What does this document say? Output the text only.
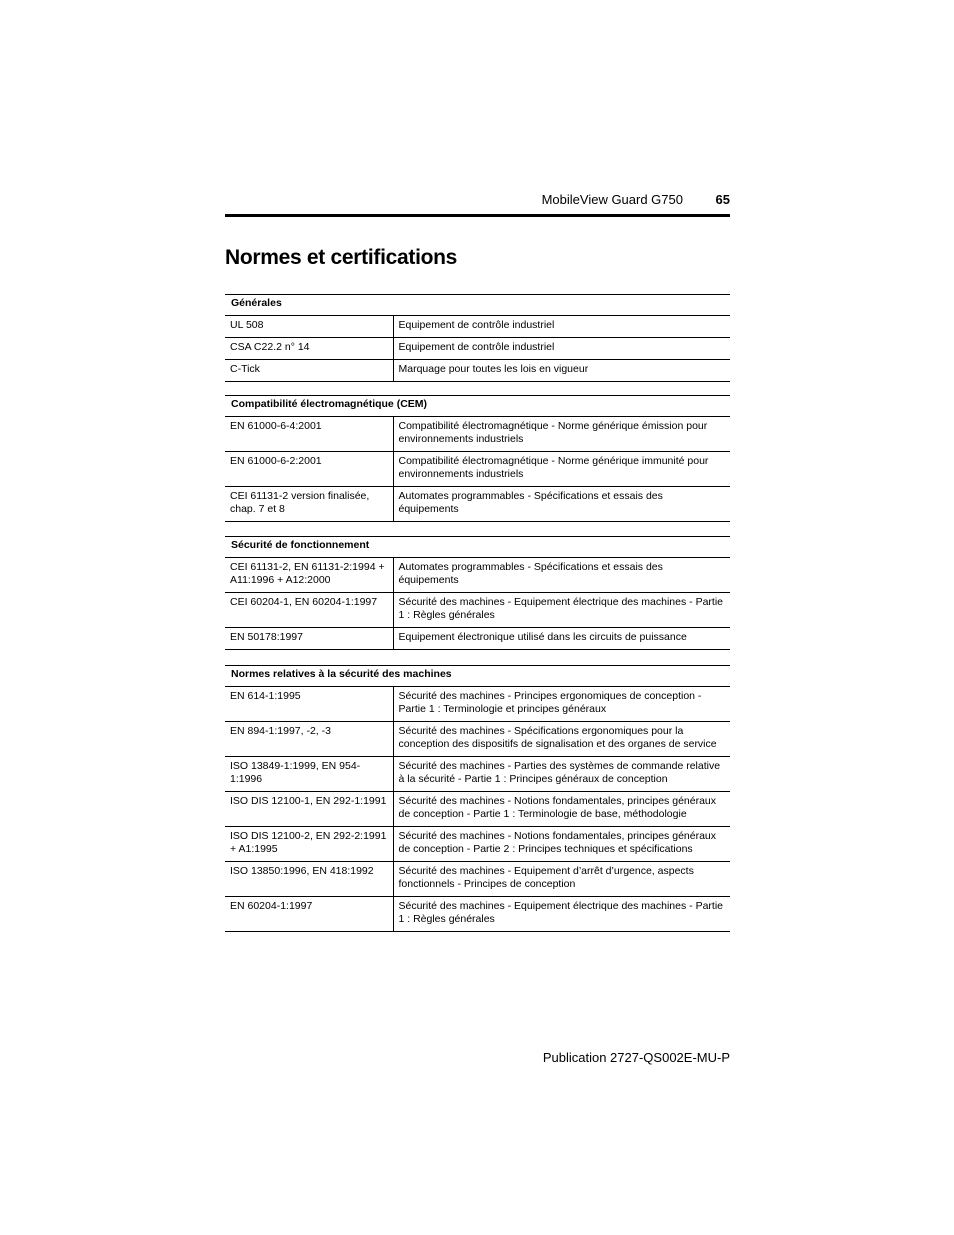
MobileView Guard G750	65
Normes et certifications
Générales	
UL 508	Equipement de contrôle industriel
CSA C22.2 n° 14	Equipement de contrôle industriel
C-Tick	Marquage pour toutes les lois en vigueur
Compatibilité électromagnétique (CEM)	
EN 61000-6-4:2001	Compatibilité électromagnétique - Norme générique émission pour environnements industriels
EN 61000-6-2:2001	Compatibilité électromagnétique - Norme générique immunité pour environnements industriels
CEI 61131-2 version finalisée, chap. 7 et 8	Automates programmables - Spécifications et essais des équipements
Sécurité de fonctionnement	
CEI 61131-2, EN 61131-2:1994 + A11:1996 + A12:2000	Automates programmables - Spécifications et essais des équipements
CEI 60204-1, EN 60204-1:1997	Sécurité des machines - Equipement électrique des machines - Partie 1 : Règles générales
EN 50178:1997	Equipement électronique utilisé dans les circuits de puissance
Normes relatives à la sécurité des machines	
EN 614-1:1995	Sécurité des machines - Principes ergonomiques de conception - Partie 1 : Terminologie et principes généraux
EN 894-1:1997, -2, -3	Sécurité des machines - Spécifications ergonomiques pour la conception des dispositifs de signalisation et des organes de service
ISO 13849-1:1999, EN 954-1:1996	Sécurité des machines - Parties des systèmes de commande relative à la sécurité - Partie 1 : Principes généraux de conception
ISO DIS 12100-1, EN 292-1:1991	Sécurité des machines - Notions fondamentales, principes généraux de conception - Partie 1 : Terminologie de base, méthodologie
ISO DIS 12100-2, EN 292-2:1991 + A1:1995	Sécurité des machines - Notions fondamentales, principes généraux de conception - Partie 2 : Principes techniques et spécifications
ISO 13850:1996, EN 418:1992	Sécurité des machines - Equipement d’arrêt d’urgence, aspects fonctionnels - Principes de conception
EN 60204-1:1997	Sécurité des machines - Equipement électrique des machines - Partie 1 : Règles générales
Publication 2727-QS002E-MU-P
